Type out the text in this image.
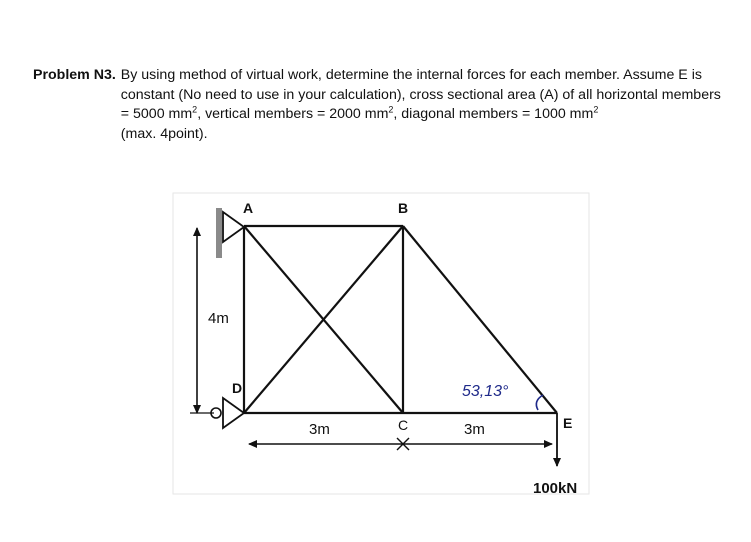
Problem N3. By using method of virtual work, determine the internal forces for each member. Assume E is constant (No need to use in your calculation), cross sectional area (A) of all horizontal members = 5000 $mm^2$, vertical members = 2000 $mm^2$, diagonal members = 1000 $mm^2$
(max. 4point).
4m
3m	3m
A	B
D
C	E
53,13°
100kN
